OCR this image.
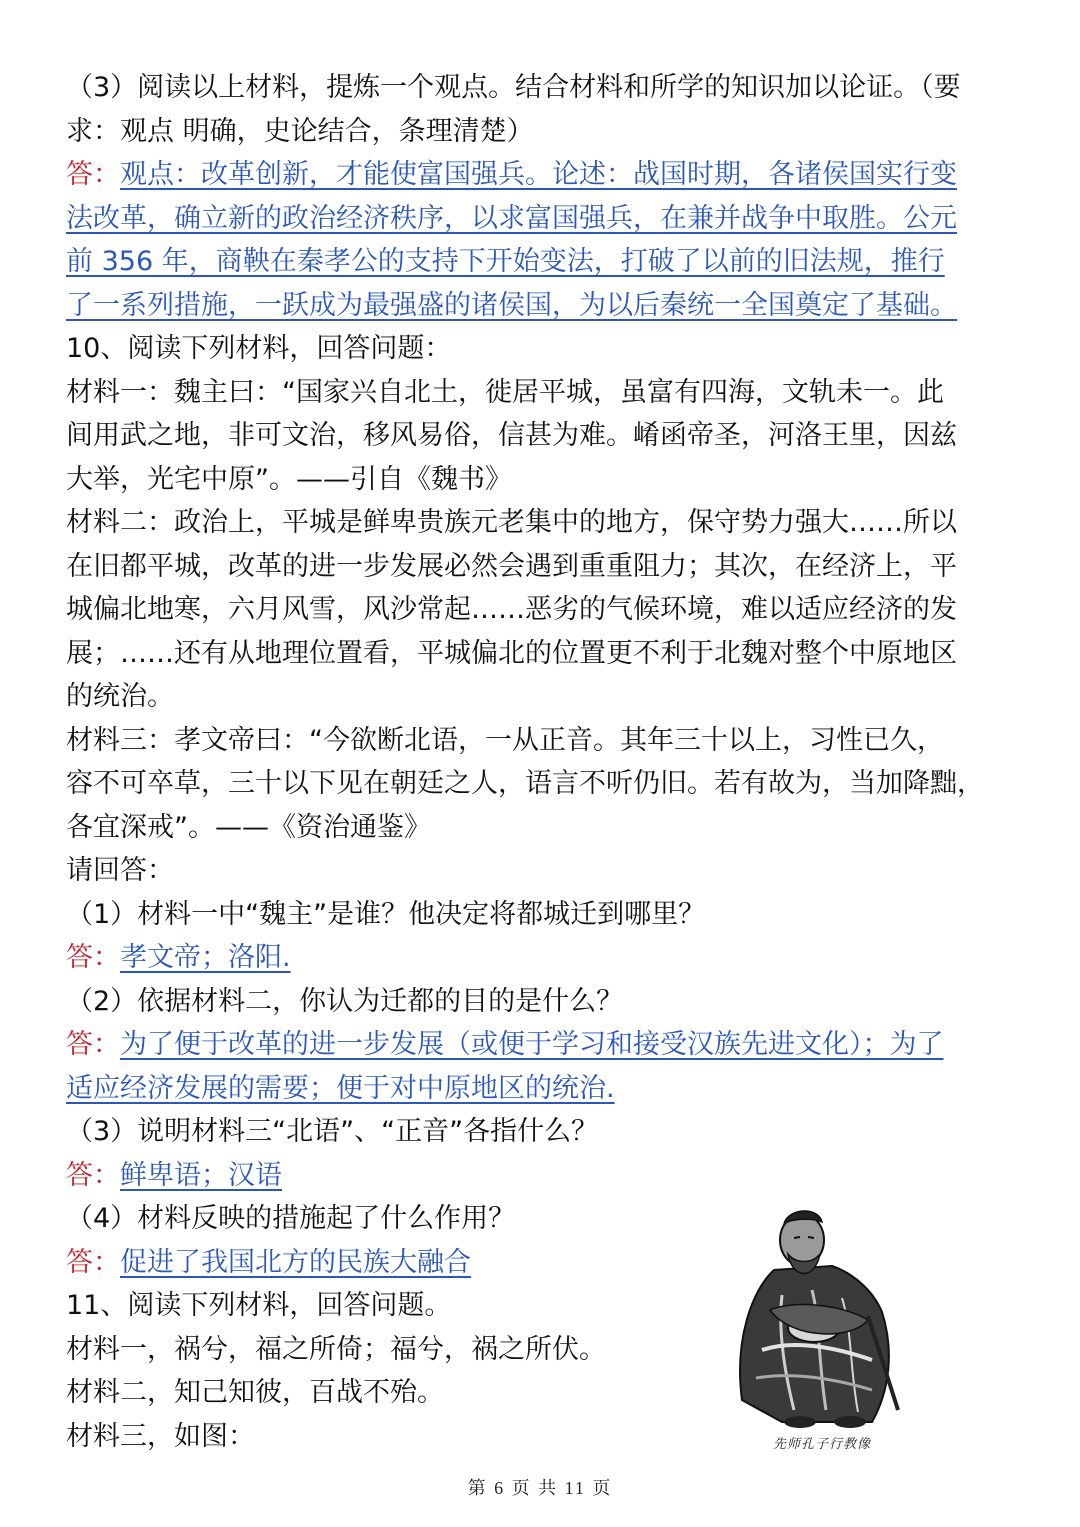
（3）阅读以上材料，提炼一个观点。结合材料和所学的知识加以论证。（要
求：观点 明确，史论结合，条理清楚）
答：观点：改革创新，才能使富国强兵。论述：战国时期，各诸侯国实行变
法改革，确立新的政治经济秩序，以求富国强兵，在兼并战争中取胜。公元
前 356 年，商鞅在秦孝公的支持下开始变法，打破了以前的旧法规，推行
了一系列措施，一跃成为最强盛的诸侯国，为以后秦统一全国奠定了基础。
10、阅读下列材料，回答问题：
材料一：魏主曰：“国家兴自北土，徙居平城，虽富有四海，文轨未一。此
间用武之地，非可文治，移风易俗，信甚为难。崤函帝圣，河洛王里，因兹
大举，光宅中原”。——引自《魏书》
材料二：政治上，平城是鲜卑贵族元老集中的地方，保守势力强大……所以
在旧都平城，改革的进一步发展必然会遇到重重阻力；其次，在经济上，平
城偏北地寒，六月风雪，风沙常起……恶劣的气候环境，难以适应经济的发
展；……还有从地理位置看，平城偏北的位置更不利于北魏对整个中原地区
的统治。
材料三：孝文帝曰：“今欲断北语，一从正音。其年三十以上，习性已久，
容不可卒草，三十以下见在朝廷之人，语言不听仍旧。若有故为，当加降黜，
各宜深戒”。——《资治通鉴》
请回答：
（1）材料一中“魏主”是谁？他决定将都城迁到哪里？
答：孝文帝；洛阳.
（2）依据材料二，你认为迁都的目的是什么？
答：为了便于改革的进一步发展（或便于学习和接受汉族先进文化）；为了
适应经济发展的需要；便于对中原地区的统治.
（3）说明材料三“北语”、“正音”各指什么？
答：鲜卑语；汉语
（4）材料反映的措施起了什么作用？
答：促进了我国北方的民族大融合
11、阅读下列材料，回答问题。
材料一，祸兮，福之所倚；福兮，祸之所伏。
材料二，知己知彼，百战不殆。
材料三，如图：	先师孔子行教像
第 6 页 共 11 页
